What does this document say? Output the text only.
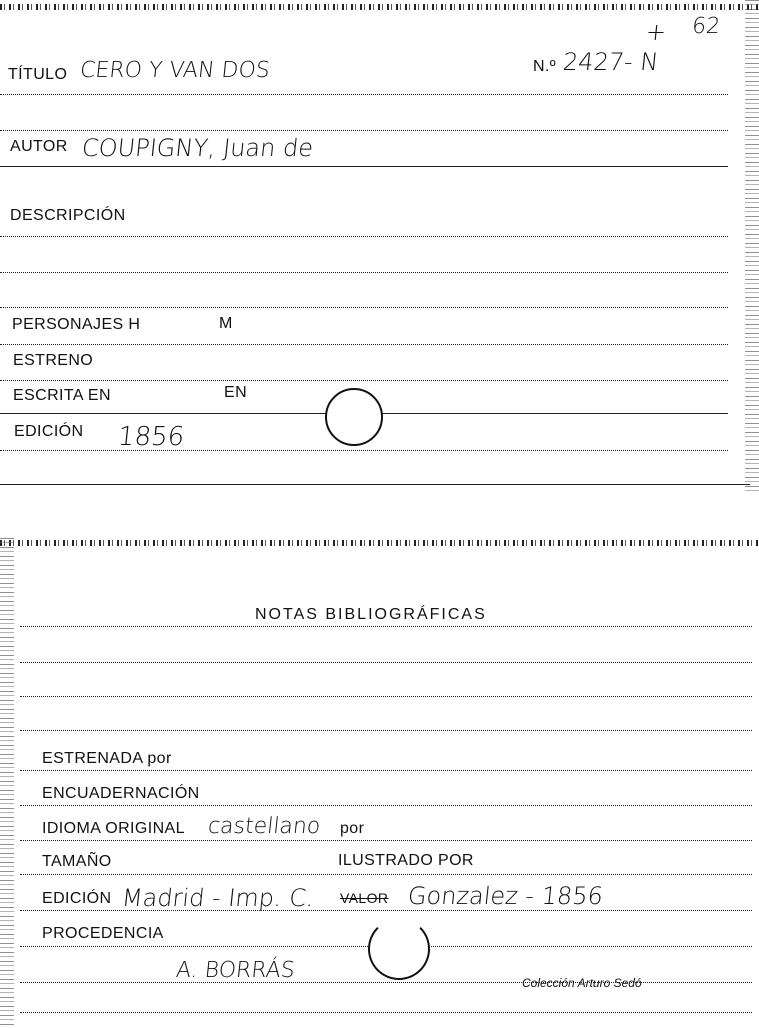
TÍTULO CERO Y VAN DOS	N.º 2427- N
+ 62
AUTOR COUPIGNY, Juan de
DESCRIPCIÓN
PERSONAJES H	M
ESTRENO
ESCRITA EN	EN
EDICIÓN 1856
NOTAS BIBLIOGRÁFICAS
ESTRENADA por
ENCUADERNACIÓN
IDIOMA ORIGINAL castellano por
TAMAÑO	ILUSTRADO POR
EDICIÓN Madrid - Imp. C. VALOR Gonzalez - 1856
PROCEDENCIA
A. BORRÁS	Colección Arturo Sedó
